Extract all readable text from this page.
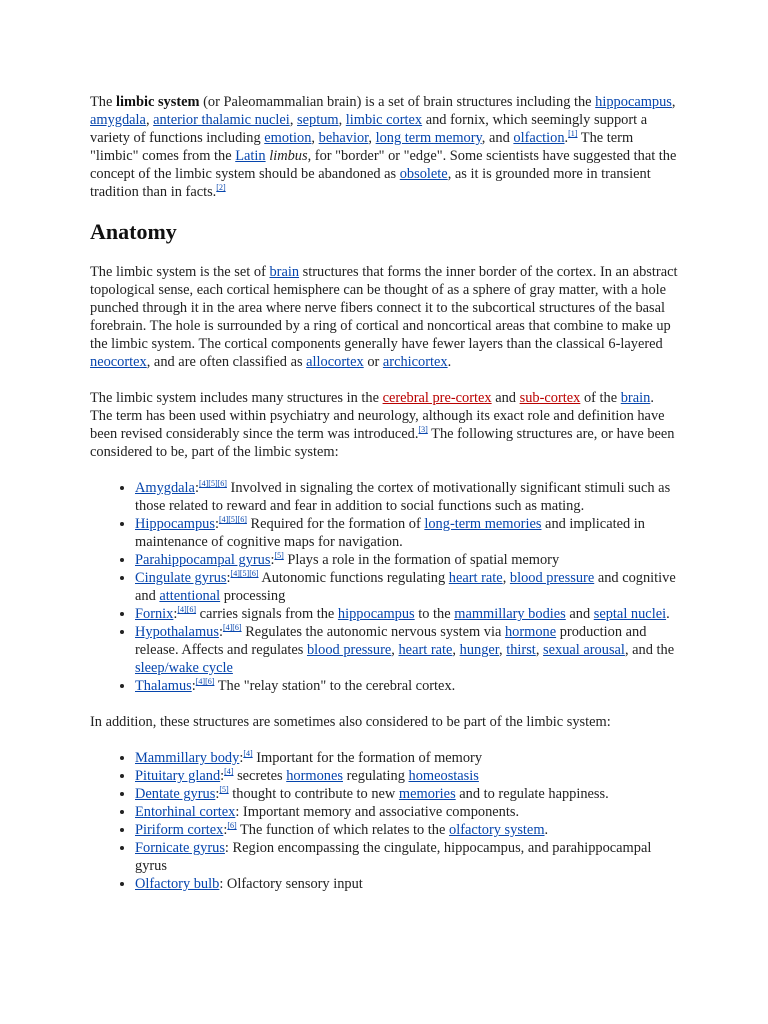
The limbic system (or Paleomammalian brain) is a set of brain structures including the hippocampus, amygdala, anterior thalamic nuclei, septum, limbic cortex and fornix, which seemingly support a variety of functions including emotion, behavior, long term memory, and olfaction.[1] The term "limbic" comes from the Latin limbus, for "border" or "edge". Some scientists have suggested that the concept of the limbic system should be abandoned as obsolete, as it is grounded more in transient tradition than in facts.[2]

Anatomy

The limbic system is the set of brain structures that forms the inner border of the cortex. In an abstract topological sense, each cortical hemisphere can be thought of as a sphere of gray matter, with a hole punched through it in the area where nerve fibers connect it to the subcortical structures of the basal forebrain. The hole is surrounded by a ring of cortical and noncortical areas that combine to make up the limbic system. The cortical components generally have fewer layers than the classical 6-layered neocortex, and are often classified as allocortex or archicortex.

The limbic system includes many structures in the cerebral pre-cortex and sub-cortex of the brain. The term has been used within psychiatry and neurology, although its exact role and definition have been revised considerably since the term was introduced.[3] The following structures are, or have been considered to be, part of the limbic system:

• Amygdala:[4][5][6] Involved in signaling the cortex of motivationally significant stimuli such as those related to reward and fear in addition to social functions such as mating.
• Hippocampus:[4][5][6] Required for the formation of long-term memories and implicated in maintenance of cognitive maps for navigation.
• Parahippocampal gyrus:[5] Plays a role in the formation of spatial memory
• Cingulate gyrus:[4][5][6] Autonomic functions regulating heart rate, blood pressure and cognitive and attentional processing
• Fornix:[4][6] carries signals from the hippocampus to the mammillary bodies and septal nuclei.
• Hypothalamus:[4][6] Regulates the autonomic nervous system via hormone production and release. Affects and regulates blood pressure, heart rate, hunger, thirst, sexual arousal, and the sleep/wake cycle
• Thalamus:[4][6] The "relay station" to the cerebral cortex.

In addition, these structures are sometimes also considered to be part of the limbic system:

• Mammillary body:[4] Important for the formation of memory
• Pituitary gland:[4] secretes hormones regulating homeostasis
• Dentate gyrus:[5] thought to contribute to new memories and to regulate happiness.
• Entorhinal cortex: Important memory and associative components.
• Piriform cortex:[6] The function of which relates to the olfactory system.
• Fornicate gyrus: Region encompassing the cingulate, hippocampus, and parahippocampal gyrus
• Olfactory bulb: Olfactory sensory input
